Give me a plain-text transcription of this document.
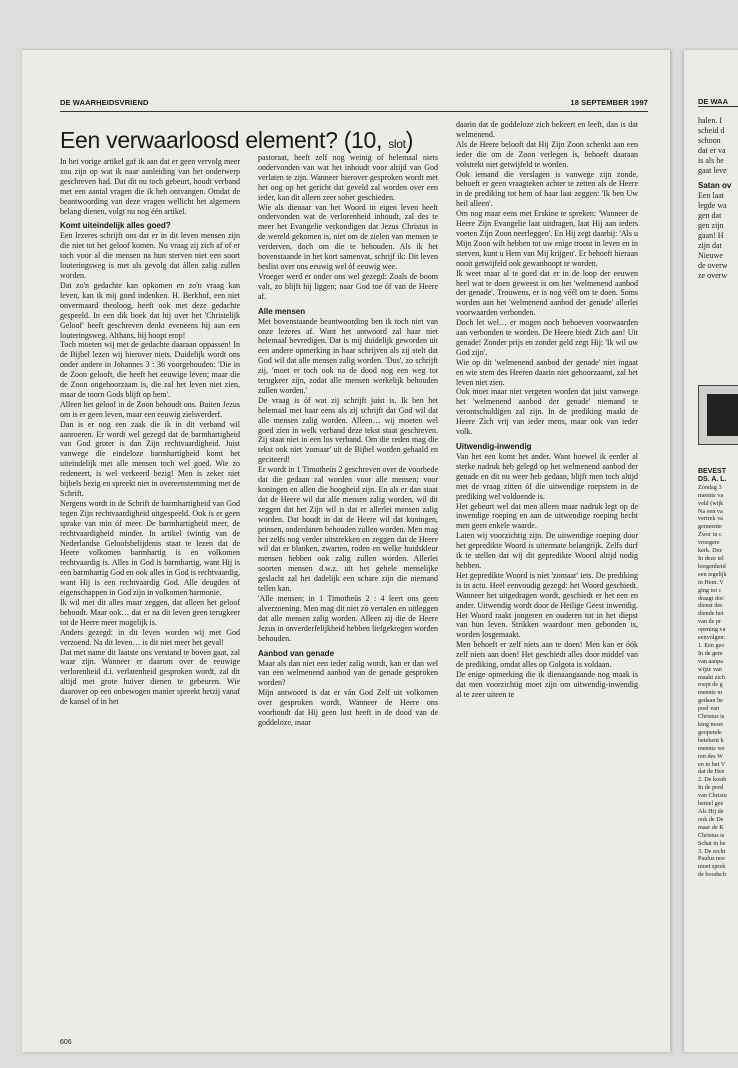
DE WAARHEIDSVRIEND	18 SEPTEMBER 1997
Een verwaarloosd element? (10, slot)

In het vorige artikel gaf ik aan dat er geen vervolg meer zou zijn op wat ik naar aanleiding van het onderwerp geschreven had. Dat dit nu toch gebeurt, houdt verband met een aantal vragen die ik heb ontvangen. Omdat de beantwoording van deze vragen wellicht het algemeen belang dienen, volgt nu nog één artikel.

Komt uiteindelijk alles goed?

Een lezeres schrijft ons dat er in dit leven mensen zijn die niet tot het geloof komen. Nu vraag zij zich af of er toch voor al die mensen na hun sterven niet een soort louteringsweg is met als gevolg dat állen zalig zullen worden.

Dat zo'n gedachte kan opkomen en zo'n vraag kan leven, kan ik mij goed indenken. H. Berkhof, een niet onvermaard theoloog, heeft ook met deze gedachte gespeeld. In een dik boek dat hij over het 'Christelijk Geloof' heeft geschreven denkt eveneens hij aan een louteringsweg. Althans, hij hoopt erop!

Toch moeten wij met de gedachte daaraan oppassen! In de Bijbel lezen wij hierover niets. Duidelijk wordt ons onder andere in Johannes 3 : 36 voorgehouden: 'Die in de Zoon gelooft, die heeft het eeuwige leven; maar die de Zoon ongehoorzaam is, die zal het leven niet zien, maar de toorn Gods blijft op hem'.

Alleen het geloof in de Zoon behoudt ons. Buiten Jezus om is er geen leven, maar een eeuwig zielsverderf.

Dan is er nog een zaak die ik in dit verband wil aanroeren. Er wordt wel gezegd dat de barmhartigheid van God groter is dan Zijn rechtvaardigheid. Juist vanwege die eindeloze barmhartigheid komt het uiteindelijk met alle mensen toch wel goed. Wie zo redeneert, is wel verkeerd bezig! Men is zeker niet bijbels bezig en spreekt niet in overeenstemming met de Schrift.

Nergens wordt in de Schrift de barmhartigheid van God tegen Zijn rechtvaardigheid uitgespeeld. Ook is er geen sprake van min óf meer. De barmhartigheid meer, de rechtvaardigheid minder. In artikel twintig van de Nederlandse Geloofsbelijdenis staat te lezen dat de Heere volkomen barmhartig is en volkomen rechtvaardig is. Alles in God is barmhartig, want Hij is een barmhartig God en ook alles in God is rechtvaardig, want Hij is een rechtvaardig God. Alle deugden of eigenschappen in God zijn in volkomen harmonie.

Ik wil met dit alles maar zeggen, dat alleen het geloof behoudt. Maar ook… dat er na dit leven geen terugkeer tot de Heere meer mogelijk is.

Anders gezegd: in dit leven worden wij met God verzoend. Na dit leven… is dit niet meer het geval!

Dat met name dit laatste ons verstand te boven gaat, zal waar zijn. Wanneer er daarom over de eeuwige verlorenheid d.i. verlatenheid gesproken wordt, zal dit altijd met grote huiver dienen te gebeuren. Wie daarover op een onbewogen manier spreekt hetzij vanaf de kansel of in het

pastoraat, heeft zelf nog weinig of helemaal niets ondervonden van wat het inhoudt voor altijd van God verlaten te zijn. Wanneer hierover gesproken wordt met het oog op het gericht dat geveld zal worden over een ieder, kan dit alleen zeer sober geschieden.

Wie als dienaar van het Woord in eigen leven heeft ondervonden wat de verlorenheid inhoudt, zal des te meer het Evangelie verkondigen dat Jezus Christus in de wereld gekomen is, niet om de zielen van mensen te verderven, doch om die te behouden. Als ik het bovenstaande in het kort samenvat, schrijf ik: Dit leven beslist over ons eeuwig wel óf eeuwig wee.

Vroeger werd er onder ons wel gezegd: Zoals de boom valt, zo blijft hij liggen; naar God toe óf van de Heere af.

Alle mensen

Met bovenstaande beantwoording ben ik toch niet van onze lezeres af. Want het antwoord zal haar niet helemaal bevredigen. Dat is mij duidelijk geworden uit een andere opmerking in haar schrijven als zij stelt dat God wil dat alle mensen zalig worden. 'Dus', zo schrijft zij, 'moet er toch ook na de dood nog een weg tot terugkeer zijn, zodat alle mensen werkelijk behouden zullen worden.'

De vraag is óf wat zij schrijft juist is. Ik ben het helemaal met haar eens als zij schrijft dat God wil dat alle mensen zalig worden. Alleen… wij moeten wel goed zien in welk verband deze tekst staat geschreven. Zij staat niet in een los verband. Om die reden mag die tekst ook niet 'zomaar' uit de Bijbel worden gehaald en geciteerd!

Er wordt in 1 Timotheüs 2 geschreven over de voorbede dat die gedaan zal worden voor alle mensen; voor koningen en allen die hoogheid zijn. En als er dan staat dat de Heere wil dat alle mensen zalig worden, wil dit zeggen dat het Zijn wil is dat er allerlei mensen zalig worden. Dat houdt in dat de Heere wil dat koningen, prinsen, onderdanen behouden zullen worden. Men mag het zelfs nog verder uitstrekken en zeggen dat de Heere wil dat er blanken, zwarten, roden en welke huidskleur mensen hebben ook zalig zullen worden. Allerlei soorten mensen d.w.z. uit het gehele menselijke geslacht zal het dadelijk een schare zijn die niemand tellen kan.

'Alle mensen; in 1 Timotheüs 2 : 4 leert ons geen alverzoening. Men mag dit niet zó vertalen en uitleggen dat alle mensen zalig worden. Alleen zij die de Heere Jezus in onverderfelijkheid hebben liefgekregen worden behouden.

Aanbod van genade

Maar als dan niet een ieder zalig wordt, kan er dan wel van een welmenend aanbod van de genade gesproken worden?

Mijn antwoord is dat er ván God Zelf uit volkomen over gesproken wordt. Wanneer de Heere ons voorhoudt dat Hij geen lust heeft in de dood van de goddeloze, maar

daarin dat de goddeloze zich bekeert en leeft, dan is dat welmenend.

Als de Heere belooft dat Hij Zijn Zoon schenkt aan een ieder die om de Zoon verlegen is, behoeft daaraan volstrekt niet getwijfeld te worden.

Ook iemand die verslagen is vanwege zijn zonde, behoeft er geen vraagteken achter te zetten als de Heere in de prediking tot hem of haar laat zeggen: 'Ik ben Uw heil alleen'.

Om nog maar eens met Erskine te spreken: 'Wanneer de Heere Zijn Evangelie laat uitdragen, laat Hij aan ieders voeten Zijn Zoon neerleggen'. En Hij zegt daarbij: 'Als u Mijn Zoon wilt hebben tot uw enige troost in leven en in sterven, kunt u Hem van Mij krijgen'. Er behoeft hieraan nooit getwijfeld ook gewanhoopt te worden.

Ik weet maar al te goed dat er in de loop der eeuwen heel wat te doen geweest is om het 'welmenend aanbod der genade'. Trouwens, er is nog véél om te doen. Soms worden aan het 'welmenend aanbod der genade' allerlei voorwaarden verbonden.

Doch let wel… er mogen noch behoeven voorwaarden aan verbonden te worden. De Heere biedt Zich aan! Uit genade! Zonder prijs en zonder geld zegt Hij: 'Ik wil uw God zijn'.

Wie op dit 'welmenend aanbod der genade' niet ingaat en wie stem des Heeren daarin niet gehoorzaamt, zal het leven niet zien.

Ook moet maar niet vergeten worden dat juist vanwege het 'welmenend aanbod der genade' niemand te verontschuldigen zal zijn. In de prediking maakt de Heere Zich vrij van ieder mens, maar ook van ieder volk.

Uitwendig-inwendig

Van het een komt het ander. Want hoewel ik eerder al sterke nadruk heb gelegd op het welmenend aanbod der genade en dit nu weer heb gedaan, blijft men toch altijd met de vraag zitten óf die uitwendige roepstem in de prediking wel voldoende is.

Het gebeurt wel dat men alleen maar nadruk legt op de inwendige roeping en aan de uitwendige roeping hecht men geen enkele waarde.

Laten wij voorzichtig zijn. De uitwendige roeping door het gepredikte Woord is uitermate belangrijk. Zelfs durf ik te stellen dat wij dit gepredikte Woord altijd nodig hebben.

Het gepredikte Woord is niet 'zomaar' iets. De prediking is in actu. Heel eenvoudig gezegd: het Woord geschiedt. Wanneer het uitgedragen wordt, geschiedt er het een en ander. Uitwendig wordt door de Heilige Geest inwendig. Het Woord raakt jongeren en ouderen tot in het diepst van hun leven. Strikken waardoor men gebonden is, worden losgemaakt.

Men behoeft er zelf niets aan te doen! Men kan er óók zelf niets aan doen! Het geschiedt alles door middel van de prediking, omdat alles op Golgota is voldaan.

De enige opmerking die ik dienaangaande nog maak is dat men voorzichtig moet zijn om uitwendig-inwendig al te zeer uiteen te

606
DE WAA
halen. I
scheid d
schoon
dat er va
is als he
gaat leve
Satan ov
Een laat
legde wa
gen dat
gen zijn
gaan! H
zijn dat
Nieuwe
de overw
ze overw
BEVEST
DS. A. L.
Zondag 3
meente va
veld (wijk
Na een va
vertrek va
gemeente
Zwer in c
vroegere
kerk. Dez
In deze tel
borgenheid
een iegelijk
in Hem. V
ging tot c
draagt doc
dienst dec
diende het
van de pr
opening va
eenvolgen:
1. Een geo
In de gem
van aanpa
wijze van
maakt zich
roept de g
meente m
gedaan he
poel van
Christus is
king moet
geopende
betekent h
meente we
ren des W
en in het V
dat de Hee
2. De kostb
In de pred
van Christu
hemel gee
Als Hij de
ook de De
maar de K
Christus is
Schat in he
3. De recht
Paulus noe
moet sprek
de boodsch
